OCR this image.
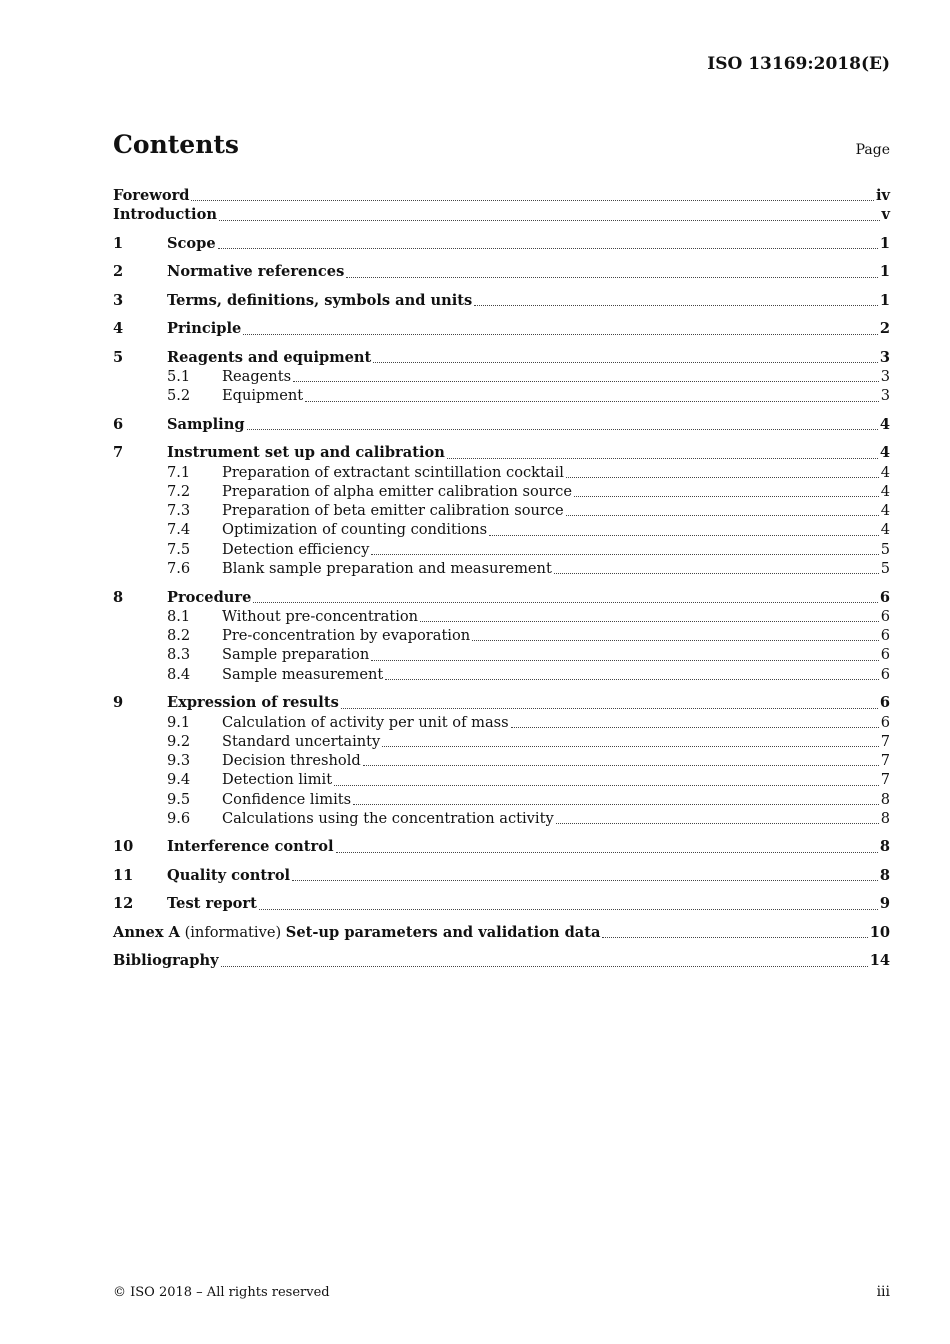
ISO 13169:2018(E)
Contents	Page
Foreword	iv
Introduction	v
1	Scope	1
2	Normative references	1
3	Terms, definitions, symbols and units	1
4	Principle	2
5	Reagents and equipment	3
5.1	Reagents	3
5.2	Equipment	3
6	Sampling	4
7	Instrument set up and calibration	4
7.1	Preparation of extractant scintillation cocktail	4
7.2	Preparation of alpha emitter calibration source	4
7.3	Preparation of beta emitter calibration source	4
7.4	Optimization of counting conditions	4
7.5	Detection efficiency	5
7.6	Blank sample preparation and measurement	5
8	Procedure	6
8.1	Without pre-concentration	6
8.2	Pre-concentration by evaporation	6
8.3	Sample preparation	6
8.4	Sample measurement	6
9	Expression of results	6
9.1	Calculation of activity per unit of mass	6
9.2	Standard uncertainty	7
9.3	Decision threshold	7
9.4	Detection limit	7
9.5	Confidence limits	8
9.6	Calculations using the concentration activity	8
10	Interference control	8
11	Quality control	8
12	Test report	9
Annex A (informative) Set-up parameters and validation data	10
Bibliography	14
© ISO 2018 – All rights reserved	iii
